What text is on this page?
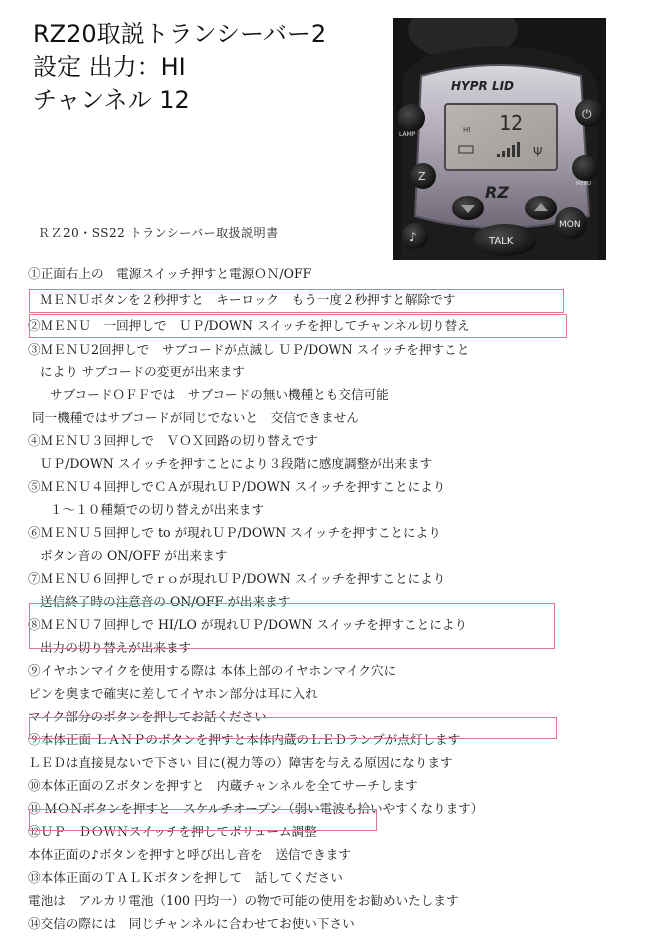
RZ20取説トランシーバー2
設定 出力：HI
チャンネル 12	HYPR LID
HI 12
Ψ
RZ
LAMP
Z
♪
⏻
MENU
MON
TALK
ＲＺ20・SS22 トランシーバー取扱説明書
①正面右上の　電源スイッチ押すと電源ＯＮ/OFF
ＭＥＮＵボタンを２秒押すと　キーロック　もう一度２秒押すと解除です
②ＭＥＮＵ　一回押しで　ＵＰ/DOWN スイッチを押してチャンネル切り替え
③ＭＥＮＵ2回押しで　サブコードが点滅し ＵＰ/DOWN スイッチを押すこと
により サブコードの変更が出来ます
サブコードＯＦＦでは　サブコードの無い機種とも交信可能
同一機種ではサブコードが同じでないと　交信できません
④ＭＥＮＵ３回押しで　ＶＯＸ回路の切り替えです
ＵＰ/DOWN スイッチを押すことにより３段階に感度調整が出来ます
⑤ＭＥＮＵ４回押しでＣＡが現れＵＰ/DOWN スイッチを押すことにより
１～１０種類での切り替えが出来ます
⑥ＭＥＮＵ５回押しで to が現れＵＰ/DOWN スイッチを押すことにより
ボタン音の ON/OFF が出来ます
⑦ＭＥＮＵ６回押しでｒｏが現れＵＰ/DOWN スイッチを押すことにより
送信終了時の注意音の ON/OFF が出来ます
⑧ＭＥＮＵ７回押しで HI/LO が現れＵＰ/DOWN スイッチを押すことにより
出力の切り替えが出来ます
⑨イヤホンマイクを使用する際は 本体上部のイヤホンマイク穴に
ピンを奥まで確実に差してイヤホン部分は耳に入れ
マイク部分のボタンを押してお話ください
⑨本体正面 ＬＡＮＰのボタンを押すと本体内蔵のＬＥＤランプが点灯します
ＬＥＤは直接見ないで下さい 目に(視力等の）障害を与える原因になります
⑩本体正面のＺボタンを押すと　内蔵チャンネルを全てサーチします
⑪ ＭＯＮボタンを押すと　スケルチオープン（弱い電波も拾いやすくなります）
⑫ＵＰ　ＤＯＷＮスイッチを押してボリューム調整
本体正面の♪ボタンを押すと呼び出し音を　送信できます
⑬本体正面のＴＡＬＫボタンを押して　話してください
電池は　アルカリ電池（100 円均一）の物で可能の使用をお勧めいたします
⑭交信の際には　同じチャンネルに合わせてお使い下さい
